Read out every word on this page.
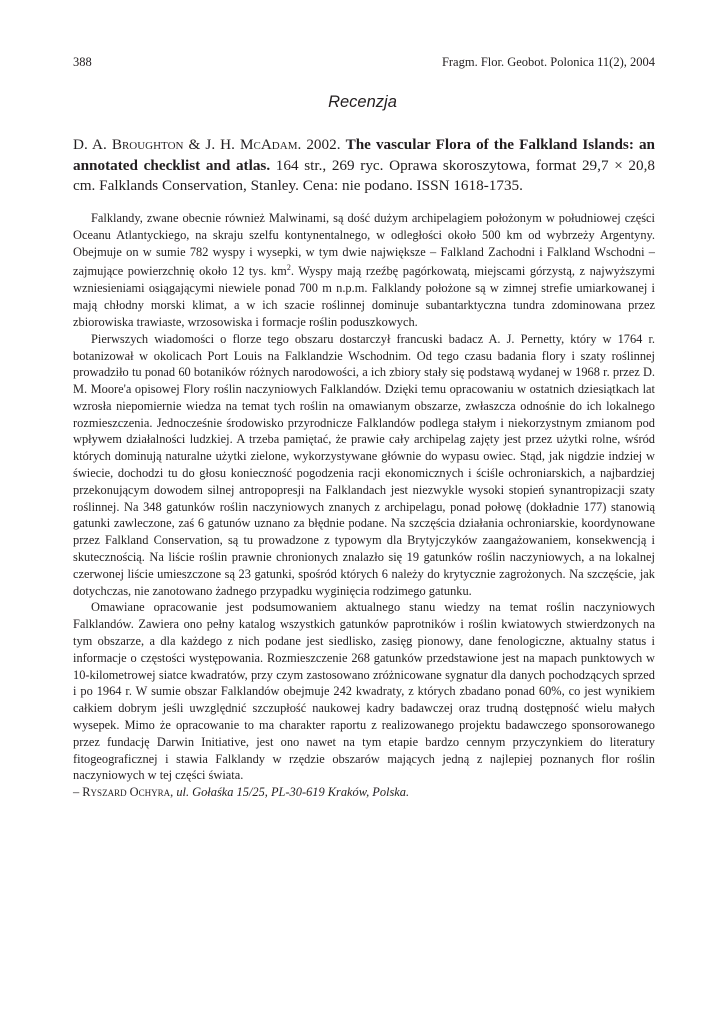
388	Fragm. Flor. Geobot. Polonica 11(2), 2004
Recenzja
D. A. Broughton & J. H. McAdam. 2002. The vascular Flora of the Falkland Islands: an annotated checklist and atlas. 164 str., 269 ryc. Oprawa skoroszytowa, format 29,7 × 20,8 cm. Falklands Conservation, Stanley. Cena: nie podano. ISSN 1618-1735.

Falklandy, zwane obecnie również Malwinami, są dość dużym archipelagiem położonym w południowej części Oceanu Atlantyckiego, na skraju szelfu kontynentalnego, w odległości około 500 km od wybrzeży Argentyny. Obejmuje on w sumie 782 wyspy i wysepki, w tym dwie największe – Falkland Zachodni i Falkland Wschodni – zajmujące powierzchnię około 12 tys. $km^2$. Wyspy mają rzeźbę pagórkowatą, miejscami górzystą, z najwyższymi wzniesieniami osiągającymi niewiele ponad 700 m n.p.m. Falklandy położone są w zimnej strefie umiarkowanej i mają chłodny morski klimat, a w ich szacie roślinnej dominuje subantarktyczna tundra zdominowana przez zbiorowiska trawiaste, wrzosowiska i formacje roślin poduszkowych.

Pierwszych wiadomości o florze tego obszaru dostarczył francuski badacz A. J. Pernetty, który w 1764 r. botanizował w okolicach Port Louis na Falklandzie Wschodnim. Od tego czasu badania flory i szaty roślinnej prowadziło tu ponad 60 botaników różnych narodowości, a ich zbiory stały się podstawą wydanej w 1968 r. przez D. M. Moore'a opisowej Flory roślin naczyniowych Falklandów. Dzięki temu opracowaniu w ostatnich dziesiątkach lat wzrosła niepomiernie wiedza na temat tych roślin na omawianym obszarze, zwłaszcza odnośnie do ich lokalnego rozmieszczenia. Jednocześnie środowisko przyrodnicze Falklandów podlega stałym i niekorzystnym zmianom pod wpływem działalności ludzkiej. A trzeba pamiętać, że prawie cały archipelag zajęty jest przez użytki rolne, wśród których dominują naturalne użytki zielone, wykorzystywane głównie do wypasu owiec. Stąd, jak nigdzie indziej w świecie, dochodzi tu do głosu konieczność pogodzenia racji ekonomicznych i ściśle ochroniarskich, a najbardziej przekonującym dowodem silnej antropopresji na Falklandach jest niezwykle wysoki stopień synantropizacji szaty roślinnej. Na 348 gatunków roślin naczyniowych znanych z archipelagu, ponad połowę (dokładnie 177) stanowią gatunki zawleczone, zaś 6 gatunów uznano za błędnie podane. Na szczęścia działania ochroniarskie, koordynowane przez Falkland Conservation, są tu prowadzone z typowym dla Brytyjczyków zaangażowaniem, konsekwencją i skutecznością. Na liście roślin prawnie chronionych znalazło się 19 gatunków roślin naczyniowych, a na lokalnej czerwonej liście umieszczone są 23 gatunki, spośród których 6 należy do krytycznie zagrożonych. Na szczęście, jak dotychczas, nie zanotowano żadnego przypadku wyginięcia rodzimego gatunku.

Omawiane opracowanie jest podsumowaniem aktualnego stanu wiedzy na temat roślin naczyniowych Falklandów. Zawiera ono pełny katalog wszystkich gatunków paprotników i roślin kwiatowych stwierdzonych na tym obszarze, a dla każdego z nich podane jest siedlisko, zasięg pionowy, dane fenologiczne, aktualny status i informacje o częstości występowania. Rozmieszczenie 268 gatunków przedstawione jest na mapach punktowych w 10-kilometrowej siatce kwadratów, przy czym zastosowano zróżnicowane sygnatur dla danych pochodzących sprzed i po 1964 r. W sumie obszar Falklandów obejmuje 242 kwadraty, z których zbadano ponad 60%, co jest wynikiem całkiem dobrym jeśli uwzględnić szczupłość naukowej kadry badawczej oraz trudną dostępność wielu małych wysepek. Mimo że opracowanie to ma charakter raportu z realizowanego projektu badawczego sponsorowanego przez fundację Darwin Initiative, jest ono nawet na tym etapie bardzo cennym przyczynkiem do literatury fitogeograficznej i stawia Falklandy w rzędzie obszarów mających jedną z najlepiej poznanych flor roślin naczyniowych w tej części świata.
– Ryszard Ochyra, ul. Gołaśka 15/25, PL-30-619 Kraków, Polska.
